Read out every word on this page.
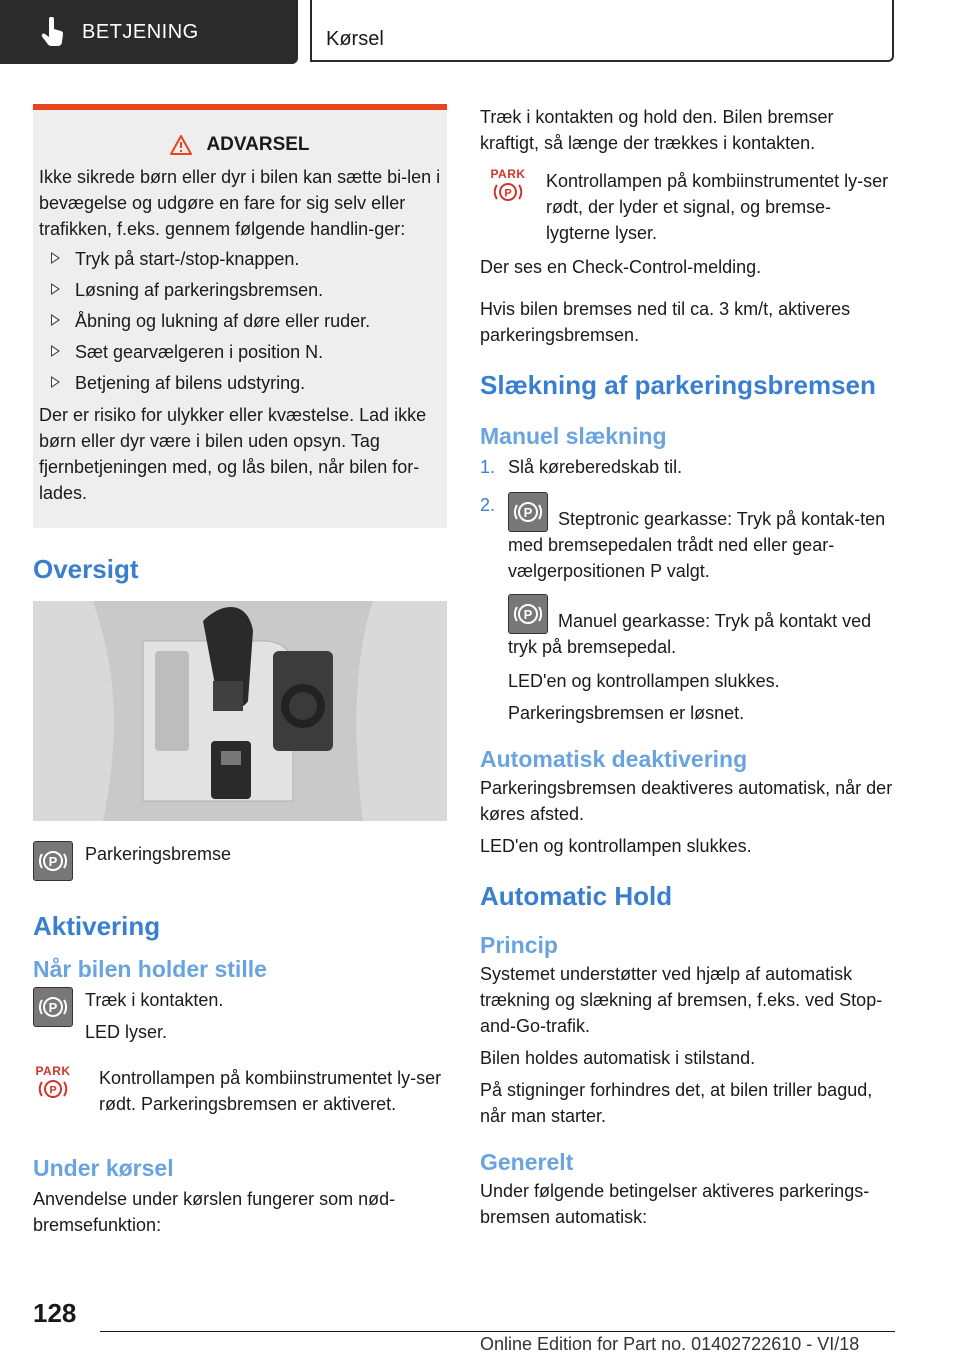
BETJENING	Kørsel
ADVARSEL

Ikke sikrede børn eller dyr i bilen kan sætte bi-len i bevægelse og udgøre en fare for sig selv eller trafikken, f.eks. gennem følgende handlin-ger:

Tryk på start-/stop-knappen.
Løsning af parkeringsbremsen.
Åbning og lukning af døre eller ruder.
Sæt gearvælgeren i position N.
Betjening af bilens udstyring.

Der er risiko for ulykker eller kvæstelse. Lad ikke børn eller dyr være i bilen uden opsyn. Tag fjernbetjeningen med, og lås bilen, når bilen for-lades.

Oversigt
P Parkeringsbremse

Aktivering
Når bilen holder stille
P Træk i kontakten.

LED lyser.

PARK
P

Kontrollampen på kombiinstrumentet ly-ser rødt. Parkeringsbremsen er aktiveret.

Under kørsel

Anvendelse under kørslen fungerer som nød-bremsefunktion:

Træk i kontakten og hold den. Bilen bremser kraftigt, så længe der trækkes i kontakten.

PARK
P

Kontrollampen på kombiinstrumentet ly-ser rødt, der lyder et signal, og bremse-lygterne lyser.

Der ses en Check-Control-melding.

Hvis bilen bremses ned til ca. 3 km/t, aktiveres parkeringsbremsen.

Slækning af parkeringsbremsen
Manuel slækning
1. Slå køreberedskab til.
2. P Steptronic gearkasse: Tryk på kontak-ten med bremsepedalen trådt ned eller gear-vælgerpositionen P valgt.

P Manuel gearkasse: Tryk på kontakt ved tryk på bremsepedal.

LED'en og kontrollampen slukkes.

Parkeringsbremsen er løsnet.

Automatisk deaktivering

Parkeringsbremsen deaktiveres automatisk, når der køres afsted.

LED'en og kontrollampen slukkes.

Automatic Hold
Princip

Systemet understøtter ved hjælp af automatisk trækning og slækning af bremsen, f.eks. ved Stop-and-Go-trafik.

Bilen holdes automatisk i stilstand.

På stigninger forhindres det, at bilen triller bagud, når man starter.

Generelt

Under følgende betingelser aktiveres parkerings-bremsen automatisk:

128
Online Edition for Part no. 01402722610 - VI/18
